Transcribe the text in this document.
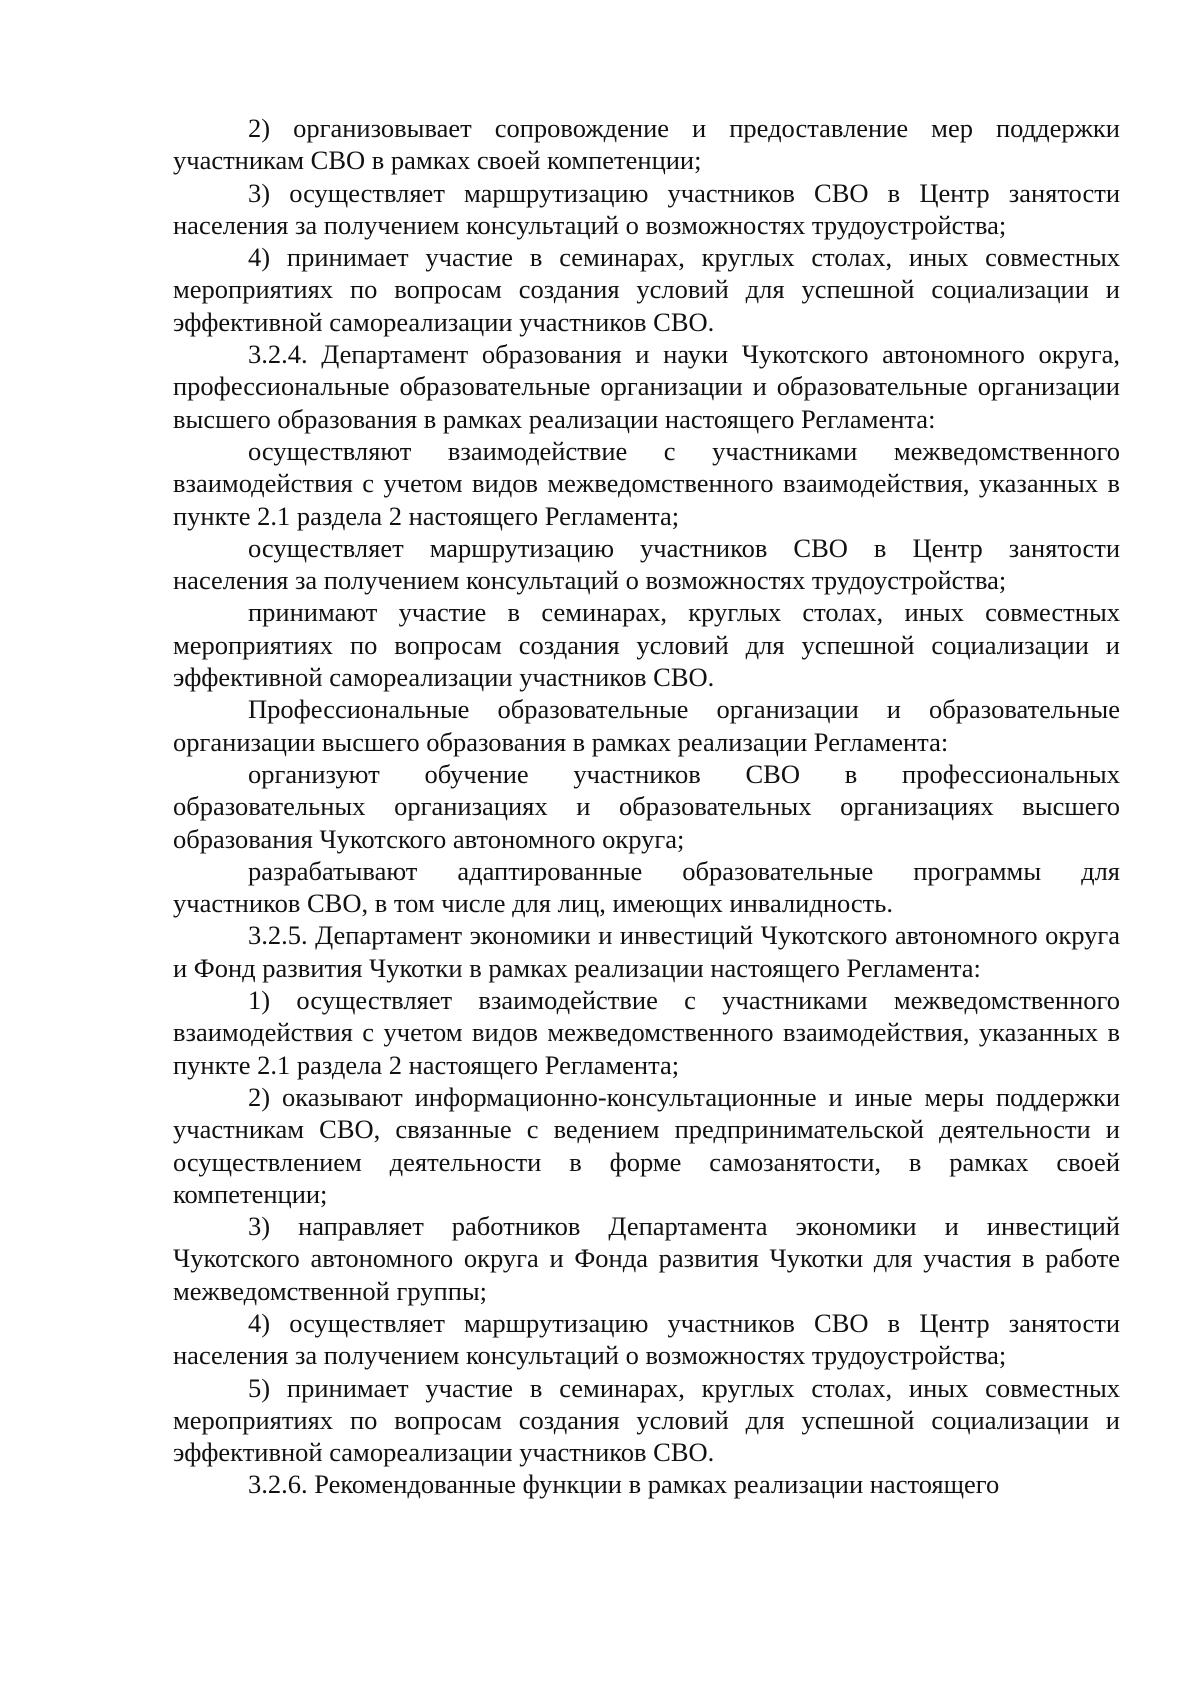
2) организовывает сопровождение и предоставление мер поддержки участникам СВО в рамках своей компетенции;

3) осуществляет маршрутизацию участников СВО в Центр занятости населения за получением консультаций о возможностях трудоустройства;

4) принимает участие в семинарах, круглых столах, иных совместных мероприятиях по вопросам создания условий для успешной социализации и эффективной самореализации участников СВО.

3.2.4. Департамент образования и науки Чукотского автономного округа, профессиональные образовательные организации и образовательные организации высшего образования в рамках реализации настоящего Регламента:

осуществляют взаимодействие с участниками межведомственного взаимодействия с учетом видов межведомственного взаимодействия, указанных в пункте 2.1 раздела 2 настоящего Регламента;

осуществляет маршрутизацию участников СВО в Центр занятости населения за получением консультаций о возможностях трудоустройства;

принимают участие в семинарах, круглых столах, иных совместных мероприятиях по вопросам создания условий для успешной социализации и эффективной самореализации участников СВО.

Профессиональные образовательные организации и образовательные организации высшего образования в рамках реализации Регламента:

организуют обучение участников СВО в профессиональных образовательных организациях и образовательных организациях высшего образования Чукотского автономного округа;

разрабатывают адаптированные образовательные программы для участников СВО, в том числе для лиц, имеющих инвалидность.

3.2.5. Департамент экономики и инвестиций Чукотского автономного округа и Фонд развития Чукотки в рамках реализации настоящего Регламента:

1) осуществляет взаимодействие с участниками межведомственного взаимодействия с учетом видов межведомственного взаимодействия, указанных в пункте 2.1 раздела 2 настоящего Регламента;

2) оказывают информационно-консультационные и иные меры поддержки участникам СВО, связанные с ведением предпринимательской деятельности и осуществлением деятельности в форме самозанятости, в рамках своей компетенции;

3) направляет работников Департамента экономики и инвестиций Чукотского автономного округа и Фонда развития Чукотки для участия в работе межведомственной группы;

4) осуществляет маршрутизацию участников СВО в Центр занятости населения за получением консультаций о возможностях трудоустройства;

5) принимает участие в семинарах, круглых столах, иных совместных мероприятиях по вопросам создания условий для успешной социализации и эффективной самореализации участников СВО.

3.2.6. Рекомендованные функции в рамках реализации настоящего
